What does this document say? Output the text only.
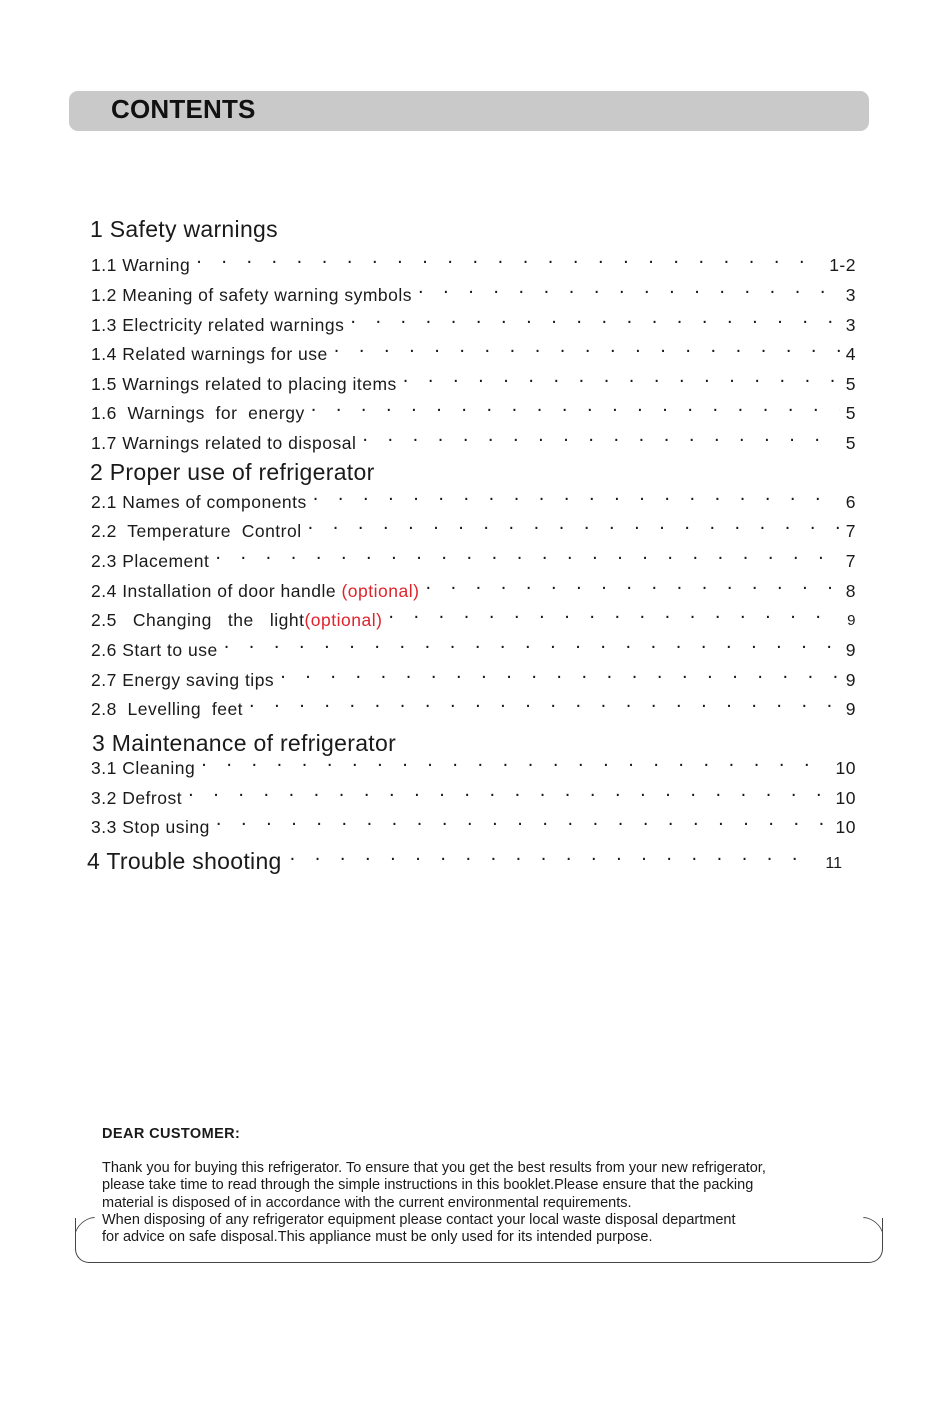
CONTENTS
1 Safety warnings
1.1 Warning . . .	1-2
1.2 Meaning of safety warning symbols . . .	3
1.3 Electricity related warnings . . .	3
1.4 Related warnings for use . . .	4
1.5 Warnings related to placing items . . .	5
1.6  Warnings  for  energy . . .	5
1.7 Warnings related to disposal . . .	5
2 Proper use of refrigerator
2.1 Names of components . . .	6
2.2  Temperature  Control . . .	7
2.3 Placement . . .	7
2.4 Installation of door handle (optional) . . .	8
2.5   Changing   the   light (optional) . . .	9
2.6 Start to use . . .	9
2.7 Energy saving tips . . .	9
2.8  Levelling  feet . . .	9
3 Maintenance of refrigerator
3.1 Cleaning . . .	10
3.2 Defrost . . .	10
3.3 Stop using . . .	10
4 Trouble shooting . . .	11
DEAR CUSTOMER:

Thank you for buying this refrigerator. To ensure that you get the best results from your new refrigerator,

please take time to read through the simple instructions in this booklet.Please ensure that the packing

material is disposed of in accordance with the current environmental requirements.

When disposing of any refrigerator equipment please contact your local waste disposal department

for advice on safe disposal.This appliance must be only used for its intended purpose.
